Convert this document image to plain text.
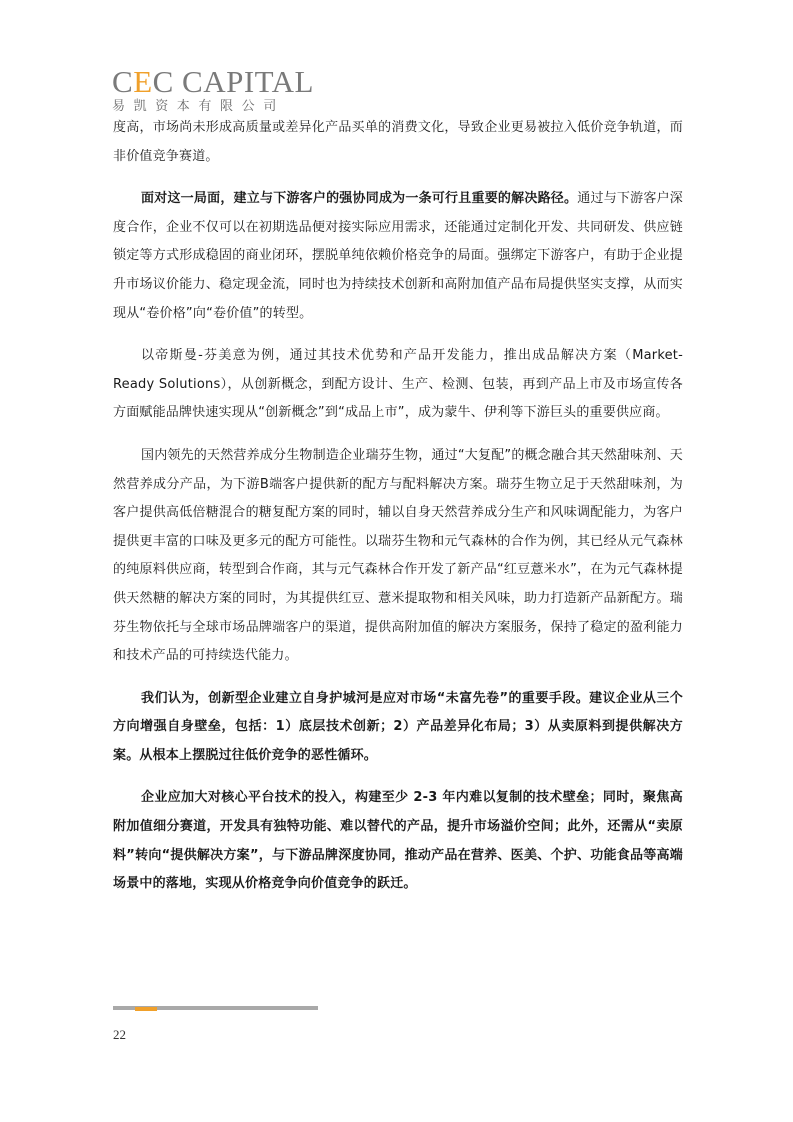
CEC CAPITAL
易凯资本有限公司

度高，市场尚未形成高质量或差异化产品买单的消费文化，导致企业更易被拉入低价竞争轨道，而非价值竞争赛道。

面对这一局面，建立与下游客户的强协同成为一条可行且重要的解决路径。通过与下游客户深度合作，企业不仅可以在初期选品便对接实际应用需求，还能通过定制化开发、共同研发、供应链锁定等方式形成稳固的商业闭环，摆脱单纯依赖价格竞争的局面。强绑定下游客户，有助于企业提升市场议价能力、稳定现金流，同时也为持续技术创新和高附加值产品布局提供坚实支撑，从而实现从“卷价格”向“卷价值”的转型。

以帝斯曼-芬美意为例，通过其技术优势和产品开发能力，推出成品解决方案（Market-Ready Solutions），从创新概念，到配方设计、生产、检测、包装，再到产品上市及市场宣传各方面赋能品牌快速实现从“创新概念”到“成品上市”，成为蒙牛、伊利等下游巨头的重要供应商。

国内领先的天然营养成分生物制造企业瑞芬生物，通过“大复配”的概念融合其天然甜味剂、天然营养成分产品，为下游B端客户提供新的配方与配料解决方案。瑞芬生物立足于天然甜味剂，为客户提供高低倍糖混合的糖复配方案的同时，辅以自身天然营养成分生产和风味调配能力，为客户提供更丰富的口味及更多元的配方可能性。以瑞芬生物和元气森林的合作为例，其已经从元气森林的纯原料供应商，转型到合作商，其与元气森林合作开发了新产品“红豆薏米水”，在为元气森林提供天然糖的解决方案的同时，为其提供红豆、薏米提取物和相关风味，助力打造新产品新配方。瑞芬生物依托与全球市场品牌端客户的渠道，提供高附加值的解决方案服务，保持了稳定的盈利能力和技术产品的可持续迭代能力。

我们认为，创新型企业建立自身护城河是应对市场“未富先卷”的重要手段。建议企业从三个方向增强自身壁垒，包括：1）底层技术创新；2）产品差异化布局；3）从卖原料到提供解决方案。从根本上摆脱过往低价竞争的恶性循环。

企业应加大对核心平台技术的投入，构建至少 2-3 年内难以复制的技术壁垒；同时，聚焦高附加值细分赛道，开发具有独特功能、难以替代的产品，提升市场溢价空间；此外，还需从“卖原料”转向“提供解决方案”，与下游品牌深度协同，推动产品在营养、医美、个护、功能食品等高端场景中的落地，实现从价格竞争向价值竞争的跃迁。

22
